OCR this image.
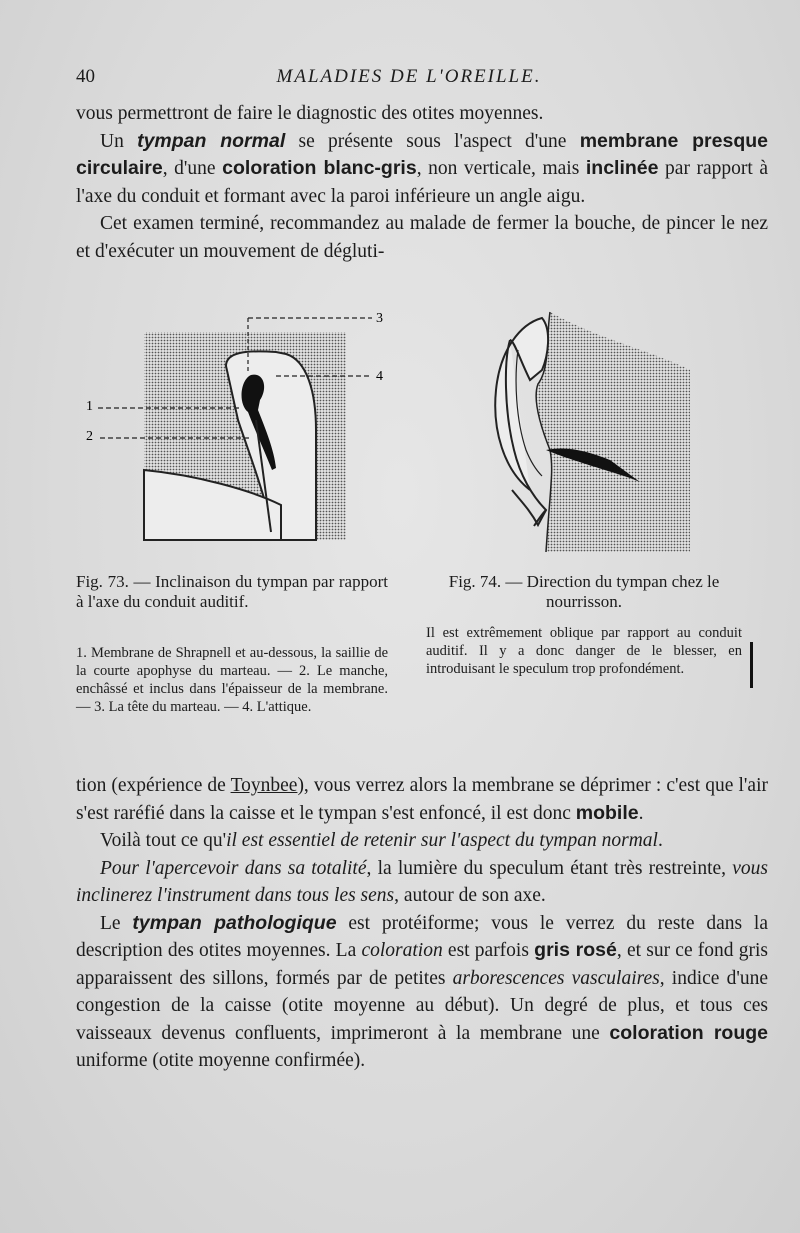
40	MALADIES DE L'OREILLE.

vous permettront de faire le diagnostic des otites moyennes.

Un tympan normal se présente sous l'aspect d'une membrane presque circulaire, d'une coloration blanc-gris, non verticale, mais inclinée par rapport à l'axe du conduit et formant avec la paroi inférieure un angle aigu.

Cet examen terminé, recommandez au malade de fermer la bouche, de pincer le nez et d'exécuter un mouvement de dégluti-

1
2
3
4
Fig. 73. — Inclinaison du tympan par rapport à l'axe du conduit auditif.
1. Membrane de Shrapnell et au-dessous, la saillie de la courte apophyse du marteau. — 2. Le manche, enchâssé et inclus dans l'épaisseur de la membrane. — 3. La tête du marteau. — 4. L'attique.
Fig. 74. — Direction du tympan chez le nourrisson.
Il est extrêmement oblique par rapport au conduit auditif. Il y a donc danger de le blesser, en introduisant le speculum trop profondément.

tion (expérience de Toynbee), vous verrez alors la membrane se déprimer : c'est que l'air s'est raréfié dans la caisse et le tympan s'est enfoncé, il est donc mobile.

Voilà tout ce qu'il est essentiel de retenir sur l'aspect du tympan normal.

Pour l'apercevoir dans sa totalité, la lumière du speculum étant très restreinte, vous inclinerez l'instrument dans tous les sens, autour de son axe.

Le tympan pathologique est protéiforme; vous le verrez du reste dans la description des otites moyennes. La coloration est parfois gris rosé, et sur ce fond gris apparaissent des sillons, formés par de petites arborescences vasculaires, indice d'une congestion de la caisse (otite moyenne au début). Un degré de plus, et tous ces vaisseaux devenus confluents, imprimeront à la membrane une coloration rouge uniforme (otite moyenne confirmée).
